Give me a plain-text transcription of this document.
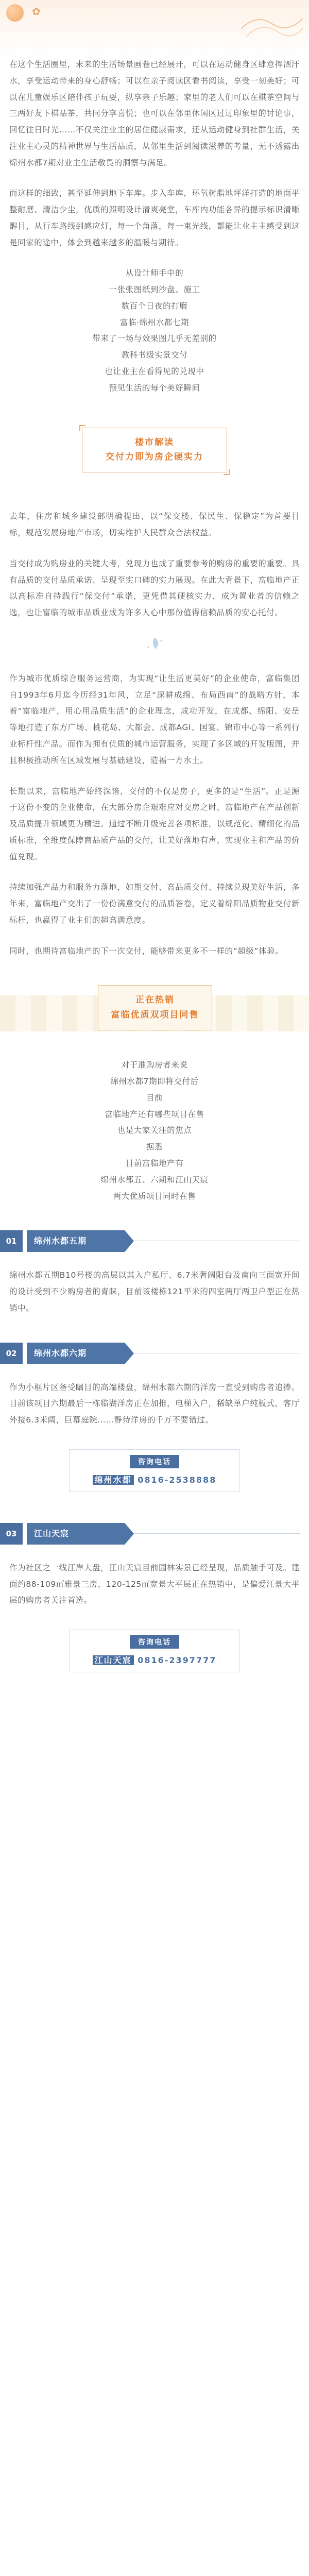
✿

在这个生活圈里，未来的生活场景画卷已经展开，可以在运动健身区肆意挥洒汗水，享受运动带来的身心舒畅；可以在亲子阅读区看书阅读，享受一刻美好；可以在儿童娱乐区陪伴孩子玩耍，纵享亲子乐趣；家里的老人们可以在棋茶空间与三两好友下棋品茶，共同分享喜悦；也可以在邻里休闲区过过印象里的讨论事，回忆往日时光……不仅关注业主的居住健康需求，还从运动健身到社群生活，关注业主心灵的精神世界与生活品质，从邻里生活到阅读滋养的考量，无不透露出绵州水都7期对业主生活敬畏的洞察与满足。

而这样的细致，甚至延伸到地下车库。步入车库，环氧树脂地坪洋打造的地面平整耐磨、清洁少尘，优质的照明设计清爽亮堂，车库内功能各异的提示标识清晰醒目，从行车路线到感应灯，每一个角落，每一束光线，都能让业主主感受到这是回家的途中，体会到越来越多的温暖与期待。

从设计师手中的
一张张图纸到沙盘、施工
数百个日夜的打磨
富临·绵州水都七期
带来了一场与效果图几乎无差别的
教科书级实景交付
也让业主在看得见的兑现中
预见生活的每个美好瞬间
楼市解读
交付力即为房企硬实力

去年，住房和城乡建设部明确提出，以“保交楼、保民生、保稳定”为首要目标，规范发展房地产市场，切实维护人民群众合法权益。

当交付成为购房业的关键大考，兑现力也成了重要参考的购房的重要的重要。具有品质的交付品质承诺、呈现至实口碑的实力展现。在此大背景下，富临地产正以高标准自持践行“保交付”承诺，更凭借其硬核实力，成为置业者的信赖之选，也让富临的城市品质业成为许多人心中那份值得信赖品质的安心托付。

作为城市优质综合服务运营商，为实现“让生活更美好”的企业使命，富临集团自1993年6月迄今历经31年风，立足“深耕成绵、布局西南”的战略方针，本着“富临地产，用心用品质生活”的企业理念，成功开发，在成都、绵阳、安岳等地打造了东方广场、桃花岛、大都会、成都AGI、国宴、锦市中心等一系列行业标杆性产品。而作为拥有优质的城市运营服务，实现了多区域的开发版图，并且积极推动所在区域发展与基础建设，造福一方水土。

长期以来，富临地产始终深谙，交付的不仅是房子，更多的是“生活”。正是源于这份不变的企业使命，在大部分房企艰难应对交房之时，富临地产在产品创新及品质提升领域更为精进。通过不断升级完善各项标准，以规范化、精细化的品质标准，全维度保障商品质产品的交付，让美好落地有声，实现业主和产品的价值兑现。

持续加强产品力和服务力落地，如期交付、高品质交付、持续兑现美好生活，多年来，富临地产交出了一份份满意交付的品质答卷，定义着绵阳品质物业交付新标杆，也赢得了业主们的超高满意度。

同时，也期待富临地产的下一次交付，能够带来更多不一样的“超级”体验。

正在热销
富临优质双项目同售
对于准购房者来说
绵州水都7期即将交付后
目前
富临地产还有哪些项目在售
也是大家关注的焦点
据悉
目前富临地产有
绵州水都五、六期和江山天宸
两大优质项目同时在售
01	绵州水都五期

绵州水都五期B10号楼的高层以其入户私厅、6.7米奢阔阳台及南向三面宽开间的设计受到不少购房者的青睐，目前该楼栋121平米的四室两厅两卫户型正在热销中。

02	绵州水都六期

作为小框片区备受瞩目的高端楼盘，绵州水都六期的洋房一直受到购房者追捧。目前该项目六期最后一栋临湖洋房正在加推，电梯入户，稀缺单户纯板式，客厅外接6.3米阔，巨幕庭院……静待洋房的千万不要错过。

咨询电话
绵州水都 0816-2538888
03	江山天宸

作为社区之一线江岸大盘，江山天宸目前园林实景已经呈现，品质触手可及。建面约88-109㎡雅景三房，120-125㎡宽景大平层正在热销中，是偏爱江景大平层的购房者关注首选。

咨询电话
江山天宸 0816-2397777
